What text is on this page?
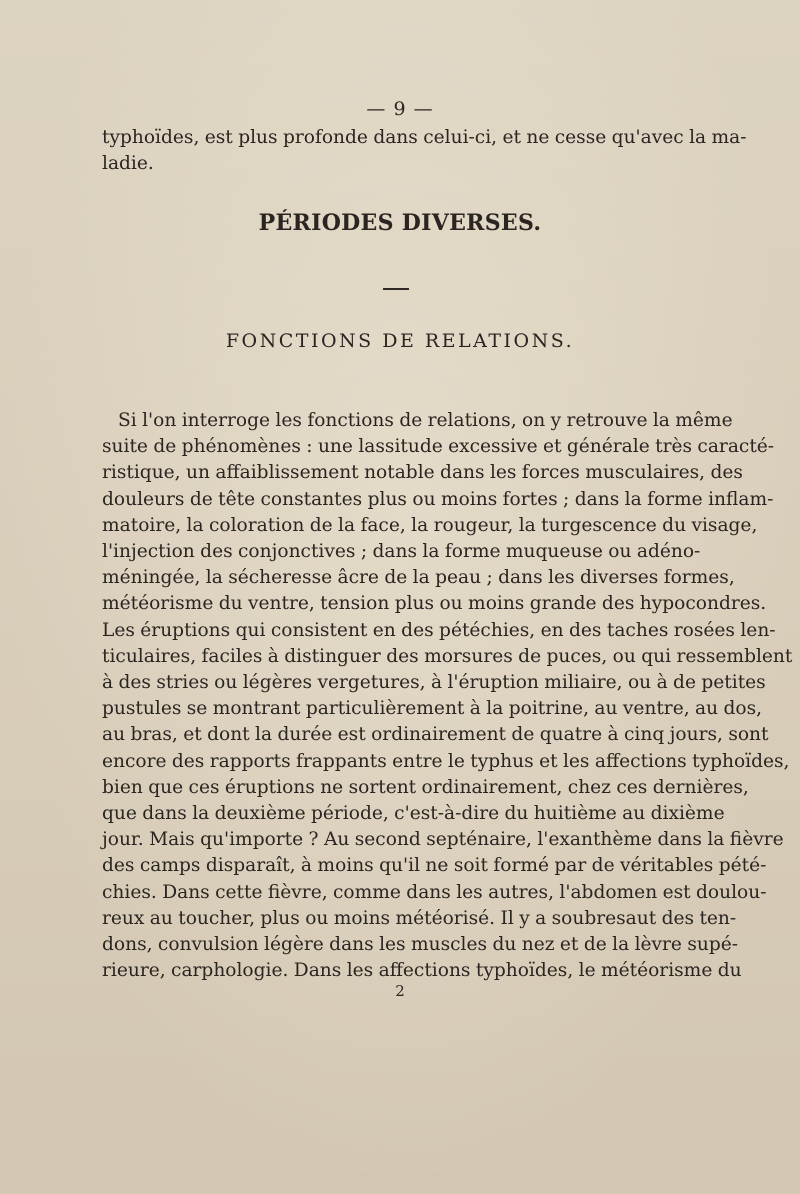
— 9 —
typhoïdes, est plus profonde dans celui-ci, et ne cesse qu'avec la ma-
ladie.
PÉRIODES DIVERSES.
FONCTIONS DE RELATIONS.
Si l'on interroge les fonctions de relations, on y retrouve la même
suite de phénomènes : une lassitude excessive et générale très caracté-
ristique, un affaiblissement notable dans les forces musculaires, des
douleurs de tête constantes plus ou moins fortes ; dans la forme inflam-
matoire, la coloration de la face, la rougeur, la turgescence du visage,
l'injection des conjonctives ; dans la forme muqueuse ou adéno-
méningée, la sécheresse âcre de la peau ; dans les diverses formes,
météorisme du ventre, tension plus ou moins grande des hypocondres.
Les éruptions qui consistent en des pétéchies, en des taches rosées len-
ticulaires, faciles à distinguer des morsures de puces, ou qui ressemblent
à des stries ou légères vergetures, à l'éruption miliaire, ou à de petites
pustules se montrant particulièrement à la poitrine, au ventre, au dos,
au bras, et dont la durée est ordinairement de quatre à cinq jours, sont
encore des rapports frappants entre le typhus et les affections typhoïdes,
bien que ces éruptions ne sortent ordinairement, chez ces dernières,
que dans la deuxième période, c'est-à-dire du huitième au dixième
jour. Mais qu'importe ? Au second septénaire, l'exanthème dans la fièvre
des camps disparaît, à moins qu'il ne soit formé par de véritables pété-
chies. Dans cette fièvre, comme dans les autres, l'abdomen est doulou-
reux au toucher, plus ou moins météorisé. Il y a soubresaut des ten-
dons, convulsion légère dans les muscles du nez et de la lèvre supé-
rieure, carphologie. Dans les affections typhoïdes, le météorisme du
2
